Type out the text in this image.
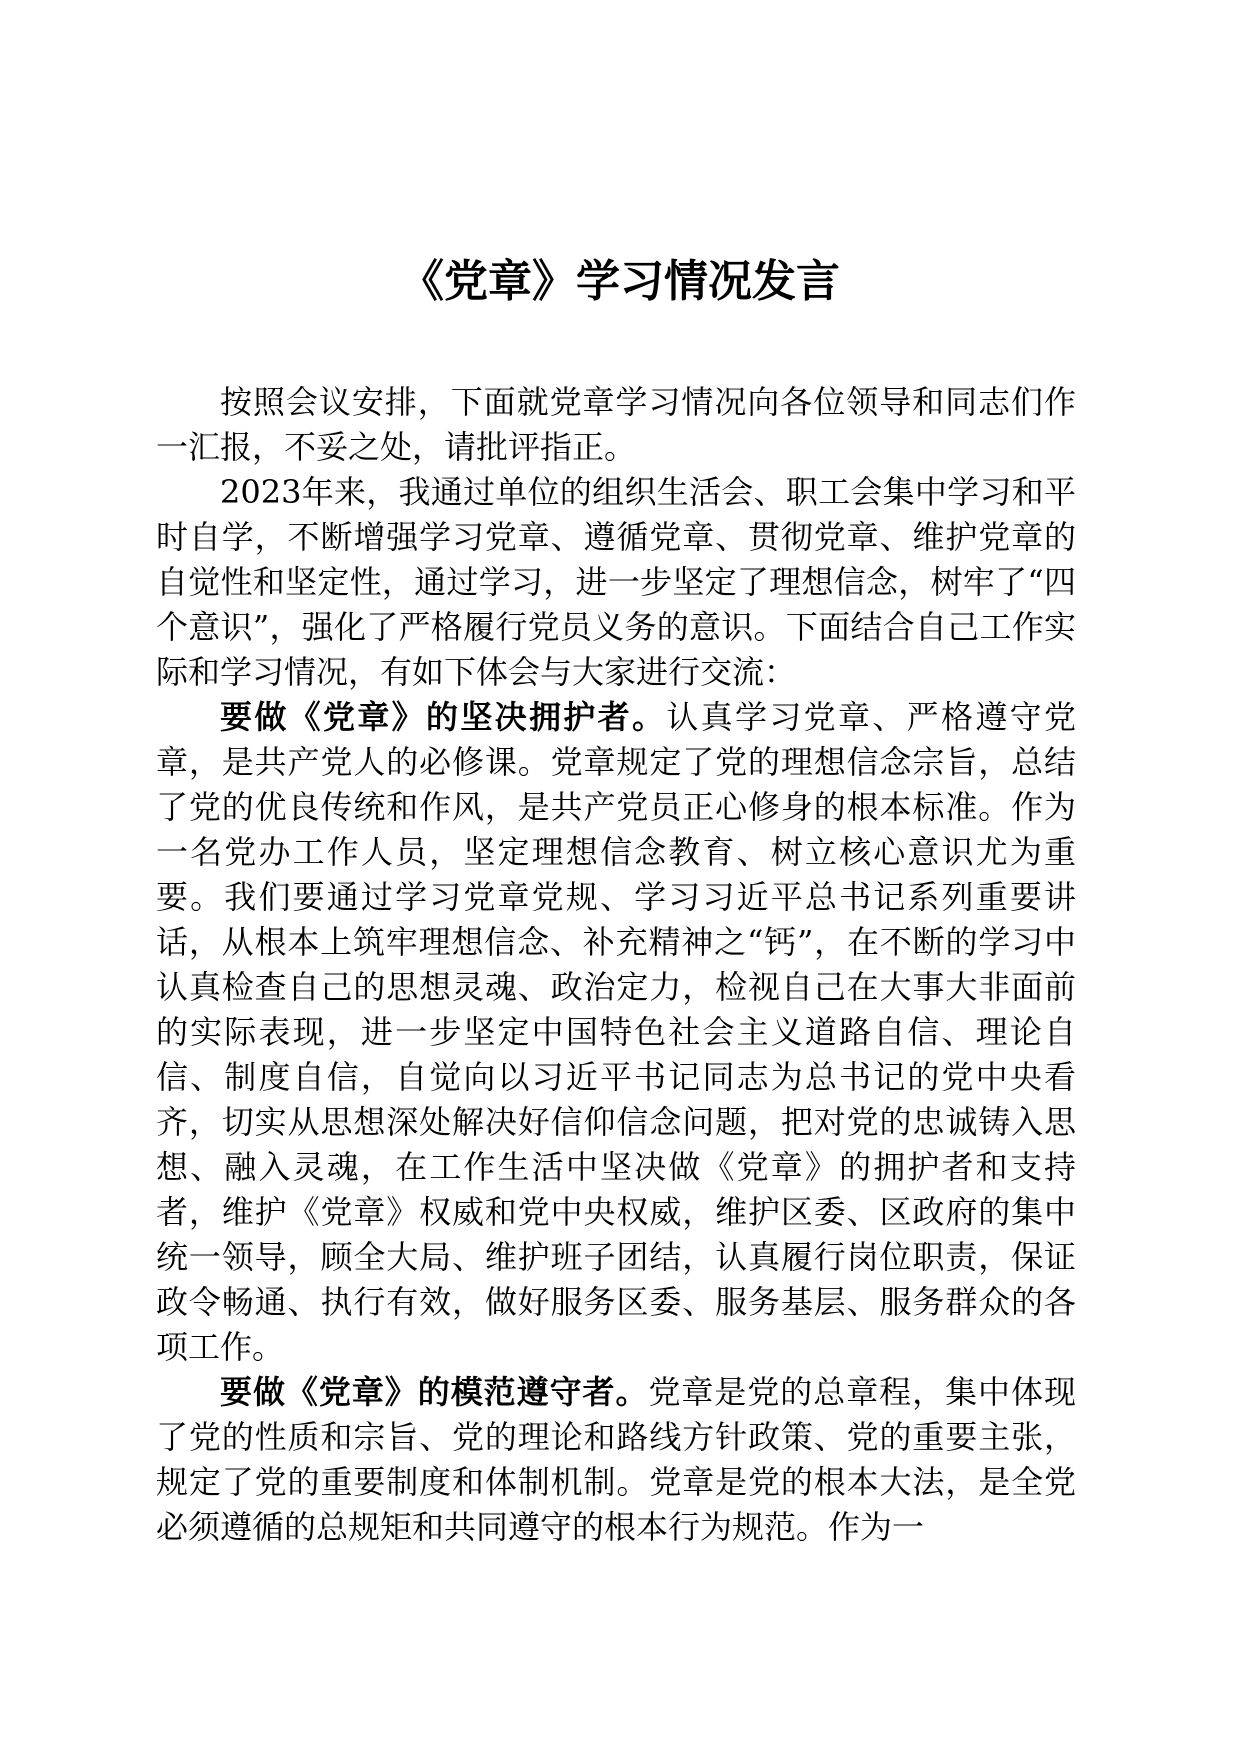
《党章》学习情况发言

按照会议安排，下面就党章学习情况向各位领导和同志们作一汇报，不妥之处，请批评指正。

2023年来，我通过单位的组织生活会、职工会集中学习和平时自学，不断增强学习党章、遵循党章、贯彻党章、维护党章的自觉性和坚定性，通过学习，进一步坚定了理想信念，树牢了“四个意识”，强化了严格履行党员义务的意识。下面结合自己工作实际和学习情况，有如下体会与大家进行交流：

要做《党章》的坚决拥护者。认真学习党章、严格遵守党章，是共产党人的必修课。党章规定了党的理想信念宗旨，总结了党的优良传统和作风，是共产党员正心修身的根本标准。作为一名党办工作人员，坚定理想信念教育、树立核心意识尤为重要。我们要通过学习党章党规、学习习近平总书记系列重要讲话，从根本上筑牢理想信念、补充精神之“钙”，在不断的学习中认真检查自己的思想灵魂、政治定力，检视自己在大事大非面前的实际表现，进一步坚定中国特色社会主义道路自信、理论自信、制度自信，自觉向以习近平书记同志为总书记的党中央看齐，切实从思想深处解决好信仰信念问题，把对党的忠诚铸入思想、融入灵魂，在工作生活中坚决做《党章》的拥护者和支持者，维护《党章》权威和党中央权威，维护区委、区政府的集中统一领导，顾全大局、维护班子团结，认真履行岗位职责，保证政令畅通、执行有效，做好服务区委、服务基层、服务群众的各项工作。

要做《党章》的模范遵守者。党章是党的总章程，集中体现了党的性质和宗旨、党的理论和路线方针政策、党的重要主张，规定了党的重要制度和体制机制。党章是党的根本大法，是全党必须遵循的总规矩和共同遵守的根本行为规范。作为一
